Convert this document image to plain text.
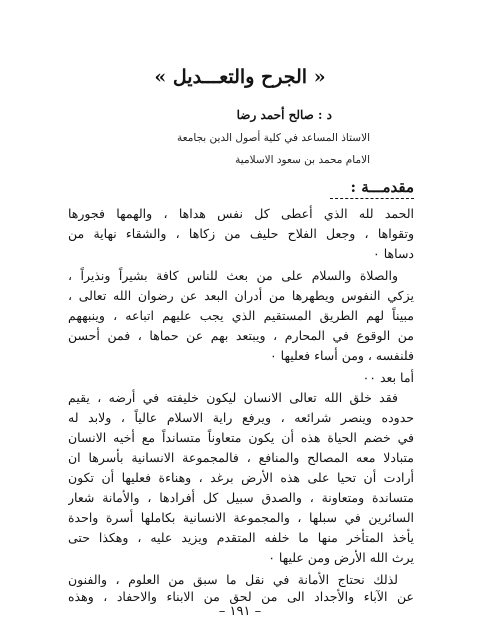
« الجرح والتعـــديل »
د : صالح أحمد رضا
الاستاذ المساعد في كلية أصول الدين بجامعة
الامام محمد بن سعود الاسلامية
مقدمـــة :
الحمد لله الذي أعطى كل نفس هداها ، والهمها فجورها
وتقواها ، وجعل الفلاح حليف من زكاها ، والشقاء نهاية من
دساها ٠
والصلاة والسلام على من بعث للناس كافة بشيراً ونذيراً ،
يزكي النفوس ويطهرها من أدران البعد عن رضوان الله تعالى ،
مبيناً لهم الطريق المستقيم الذي يجب عليهم اتباعه ، وينبههم
من الوقوع في المحارم ، ويبتعد بهم عن حماها ، فمن أحسن
فلنفسه ، ومن أساء فعليها ٠
أما بعد ٠٠
فقد خلق الله تعالى الانسان ليكون خليفته في أرضه ، يقيم
حدوده وينصر شرائعه ، ويرفع راية الاسلام عالياً ، ولابد له
في خضم الحياة هذه أن يكون متعاوناً متسانداً مع أخيه الانسان
متبادلا معه المصالح والمنافع ، فالمجموعة الانسانية بأسرها ان
أرادت أن تحيا على هذه الأرض برغد ، وهناءة فعليها أن تكون
متساندة ومتعاونة ، والصدق سبيل كل أفرادها ، والأمانة شعار
السائرين في سبلها ، والمجموعة الانسانية بكاملها أسرة واحدة
يأخذ المتأخر منها ما خلفه المتقدم ويزيد عليه ، وهكذا حتى
يرث الله الأرض ومن عليها ٠
لذلك نحتاج الأمانة في نقل ما سبق من العلوم ، والفنون
عن الآباء والأجداد الى من لحق من الابناء والاحفاد ، وهذه
– ١٩١ –
